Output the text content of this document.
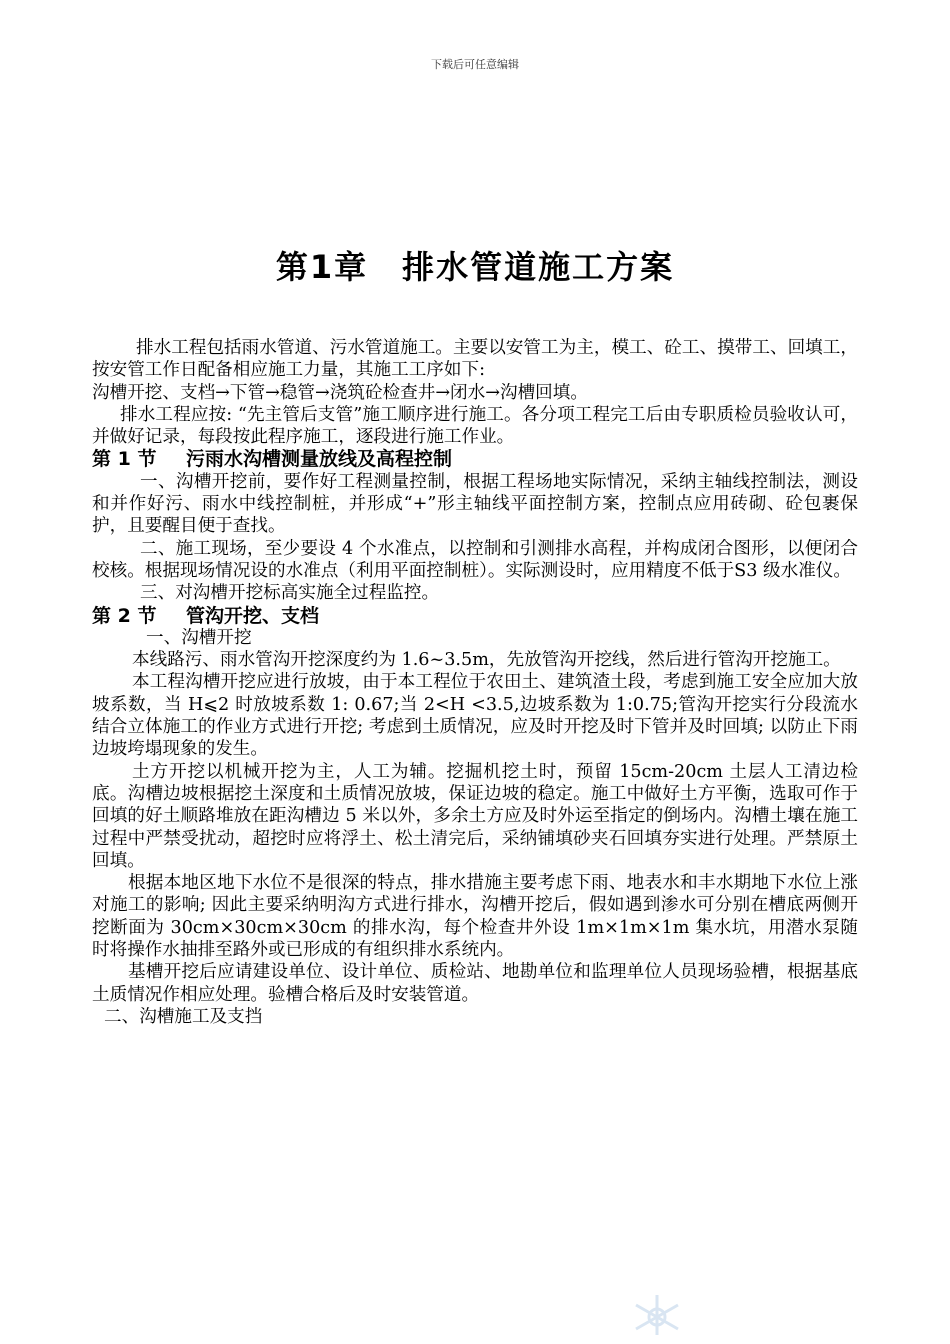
下载后可任意编辑
第1章　排水管道施工方案

排水工程包括雨水管道、污水管道施工。主要以安管工为主，模工、砼工、摸带工、回填工，按安管工作日配备相应施工力量，其施工工序如下:

沟槽开挖、支档→下管→稳管→浇筑砼检查井→闭水→沟槽回填。

排水工程应按: “先主管后支管”施工顺序进行施工。各分项工程完工后由专职质检员验收认可，并做好记录，每段按此程序施工，逐段进行施工作业。

第 1 节 污雨水沟槽测量放线及高程控制

一、沟槽开挖前，要作好工程测量控制，根据工程场地实际情况，采纳主轴线控制法，测设和并作好污、雨水中线控制桩，并形成“+”形主轴线平面控制方案，控制点应用砖砌、砼包裹保护，且要醒目便于查找。

二、施工现场，至少要设 4 个水准点，以控制和引测排水高程，并构成闭合图形，以便闭合校核。根据现场情况设的水准点（利用平面控制桩）。实际测设时，应用精度不低于S3 级水准仪。

三、对沟槽开挖标高实施全过程监控。

第 2 节 管沟开挖、支档

一、沟槽开挖

本线路污、雨水管沟开挖深度约为 1.6~3.5m，先放管沟开挖线，然后进行管沟开挖施工。

本工程沟槽开挖应进行放坡，由于本工程位于农田土、建筑渣土段，考虑到施工安全应加大放坡系数，当 H⩽2 时放坡系数 1: 0.67;当 2<H <3.5,边坡系数为 1:0.75;管沟开挖实行分段流水结合立体施工的作业方式进行开挖; 考虑到土质情况，应及时开挖及时下管并及时回填; 以防止下雨边坡垮塌现象的发生。

土方开挖以机械开挖为主，人工为辅。挖掘机挖土时，预留 15cm-20cm 土层人工清边检底。沟槽边坡根据挖土深度和土质情况放坡，保证边坡的稳定。施工中做好土方平衡，选取可作于回填的好土顺路堆放在距沟槽边 5 米以外，多余土方应及时外运至指定的倒场内。沟槽土壤在施工过程中严禁受扰动，超挖时应将浮土、松土清完后，采纳铺填砂夹石回填夯实进行处理。严禁原土回填。

根据本地区地下水位不是很深的特点，排水措施主要考虑下雨、地表水和丰水期地下水位上涨对施工的影响; 因此主要采纳明沟方式进行排水，沟槽开挖后，假如遇到渗水可分别在槽底两侧开挖断面为 30cm×30cm×30cm 的排水沟，每个检查井外设 1m×1m×1m 集水坑，用潜水泵随时将操作水抽排至路外或已形成的有组织排水系统内。

基槽开挖后应请建设单位、设计单位、质检站、地勘单位和监理单位人员现场验槽，根据基底土质情况作相应处理。验槽合格后及时安装管道。

二、沟槽施工及支挡
